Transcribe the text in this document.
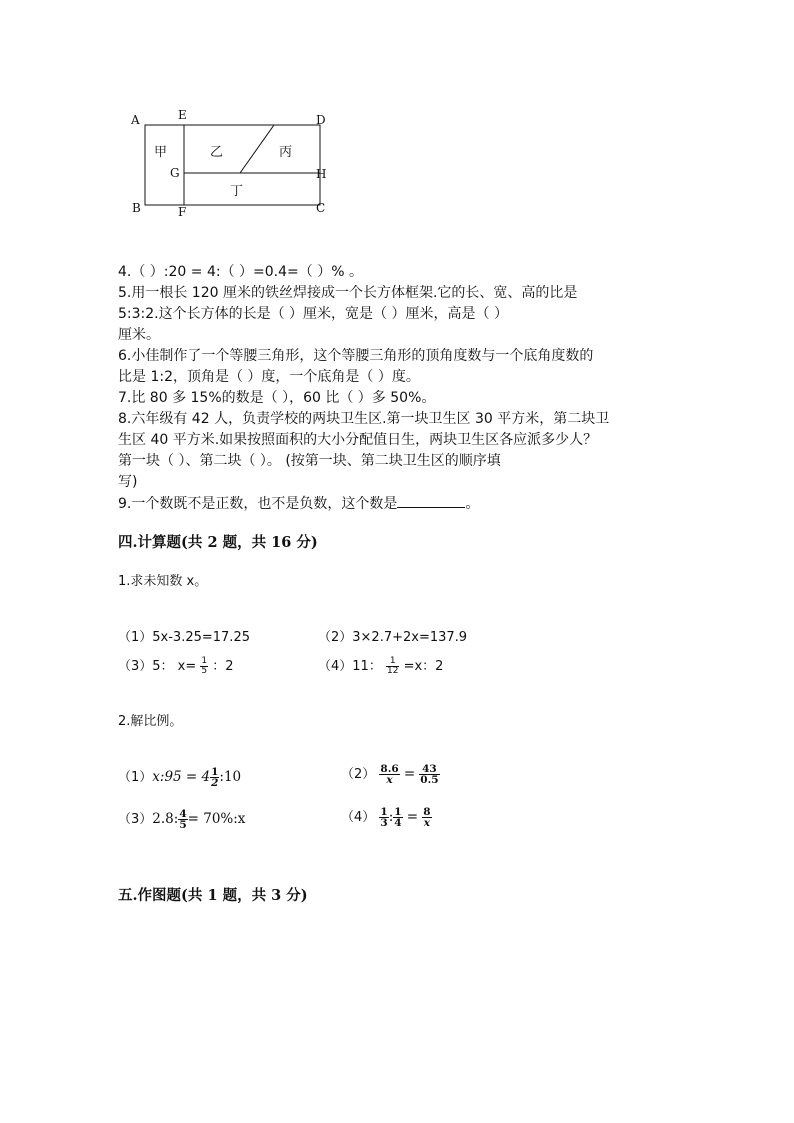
A	E	D
G	H
B	F	C
甲	乙	丙
丁
4.（ ）:20 = 4:（ ）=0.4=（ ）% 。
5.用一根长 120 厘米的铁丝焊接成一个长方体框架.它的长、宽、高的比是
5:3:2.这个长方体的长是（ ）厘米，宽是（ ）厘米，高是（ ）
厘米。
6.小佳制作了一个等腰三角形，这个等腰三角形的顶角度数与一个底角度数的
比是 1:2，顶角是（ ）度，一个底角是（ ）度。
7.比 80 多 15%的数是（ ），60 比（ ）多 50%。
8.六年级有 42 人，负责学校的两块卫生区.第一块卫生区 30 平方米，第二块卫
生区 40 平方米.如果按照面积的大小分配值日生，两块卫生区各应派多少人？
第一块（ ）、第二块（ ）。 (按第一块、第二块卫生区的顺序填
写)
9.一个数既不是正数，也不是负数，这个数是	。
四.计算题(共 2 题，共 16 分)
1.求未知数 x。
（1）5x-3.25=17.25	（2）3×2.7+2x=137.9
（3）5： $x= \frac{1}{5}$ ：2	（4）11： $\frac{1}{12} =x$：2
2.解比例。
（1）x:95 = $4 \frac{1}{2}$ :10	$(2) \frac{8.6}{x} = \frac{43}{0.5}$
（3）2.8: $\frac{4}{5}$ = 70%:x	$(4) \frac{1}{3}$ : $\frac{1}{4} = \frac{8}{x}$
五.作图题(共 1 题，共 3 分)
